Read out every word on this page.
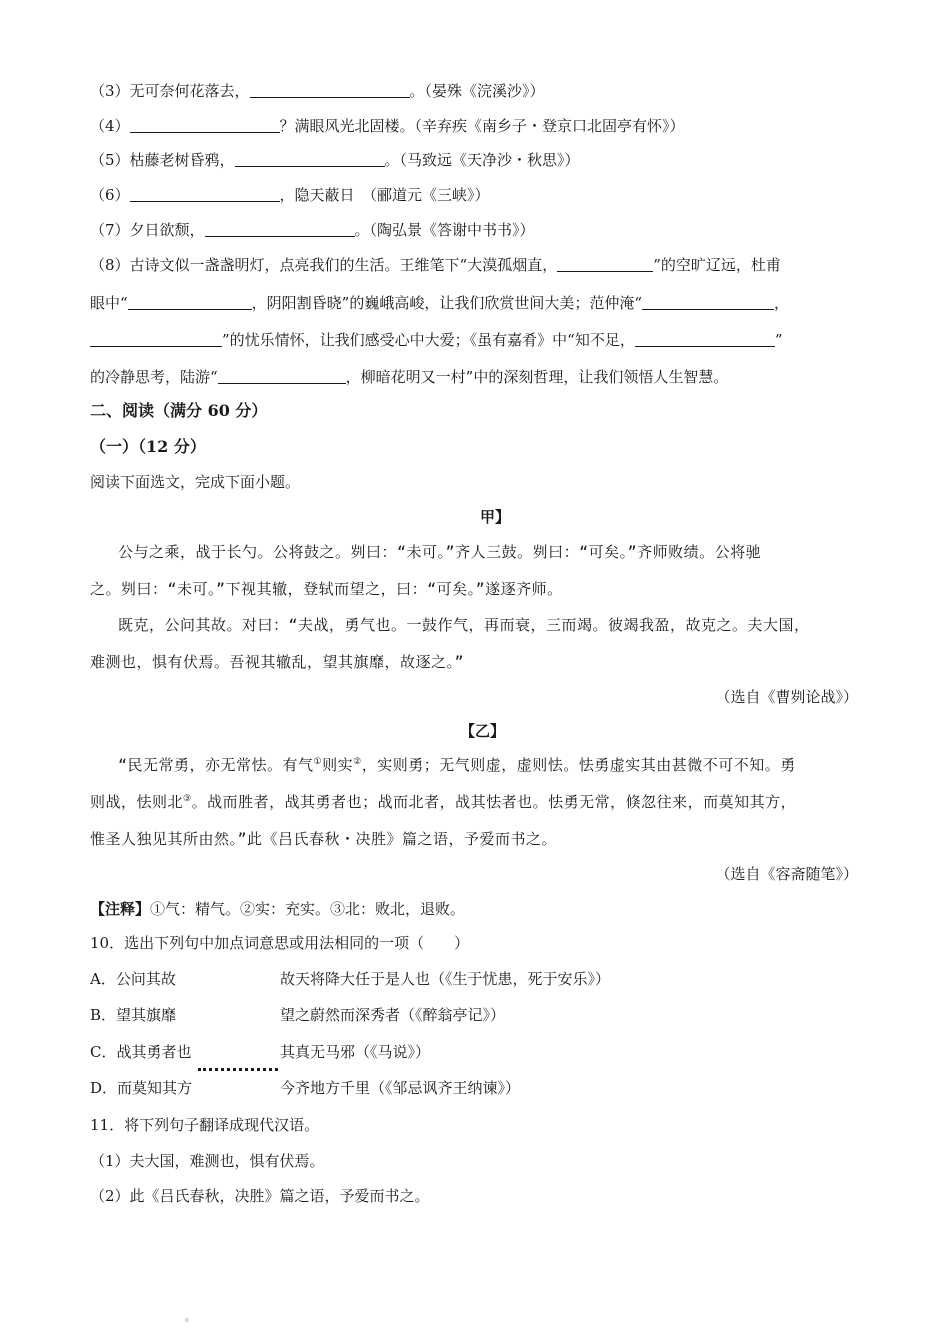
（3）无可奈何花落去，	。（晏殊《浣溪沙》）
（4）	？满眼风光北固楼。（辛弃疾《南乡子・登京口北固亭有怀》）
（5）枯藤老树昏鸦，	。（马致远《天净沙・秋思》）
（6）	，隐天蔽日　（郦道元《三峡》）
（7）夕日欲颓，	。（陶弘景《答谢中书书》）
（8）古诗文似一盏盏明灯，点亮我们的生活。王维笔下“大漠孤烟直，	”的空旷辽远，杜甫
眼中“	，阴阳割昏晓”的巍峨高峻，让我们欣赏世间大美；范仲淹“	，
”的忧乐情怀，让我们感受心中大爱；《虽有嘉肴》中“知不足，	”
的冷静思考，陆游“	，柳暗花明又一村”中的深刻哲理，让我们领悟人生智慧。
二、阅读（满分 60 分）
（一）（12 分）
阅读下面选文，完成下面小题。
甲】
公与之乘，战于长勺。公将鼓之。刿曰：“未可。”齐人三鼓。刿曰：“可矣。”齐师败绩。公将驰
之。刿曰：“未可。”下视其辙，登轼而望之，曰：“可矣。”遂逐齐师。
既克，公问其故。对曰：“夫战，勇气也。一鼓作气，再而衰，三而竭。彼竭我盈，故克之。夫大国，
难测也，惧有伏焉。吾视其辙乱，望其旗靡，故逐之。”
（选自《曹刿论战》）
【乙】
“民无常勇，亦无常怯。有气①则实②，实则勇；无气则虚，虚则怯。怯勇虚实其由甚微不可不知。勇
则战，怯则北③。战而胜者，战其勇者也；战而北者，战其怯者也。怯勇无常，倏忽往来，而莫知其方，
惟圣人独见其所由然。”此《吕氏春秋・决胜》篇之语，予爱而书之。
（选自《容斋随笔》）
【注释】①气：精气。②实：充实。③北：败北，退败。
10．选出下列句中加点词意思或用法相同的一项（　　）
A．公问其故	故天将降大任于是人也（《生于忧患，死于安乐》）
B．望其旗靡	望之蔚然而深秀者（《醉翁亭记》）
C．战其勇者也	其真无马邪（《马说》）
D．而莫知其方	今齐地方千里（《邹忌讽齐王纳谏》）
11．将下列句子翻译成现代汉语。
（1）夫大国，难测也，惧有伏焉。
（2）此《吕氏春秋，决胜》篇之语，予爱而书之。
